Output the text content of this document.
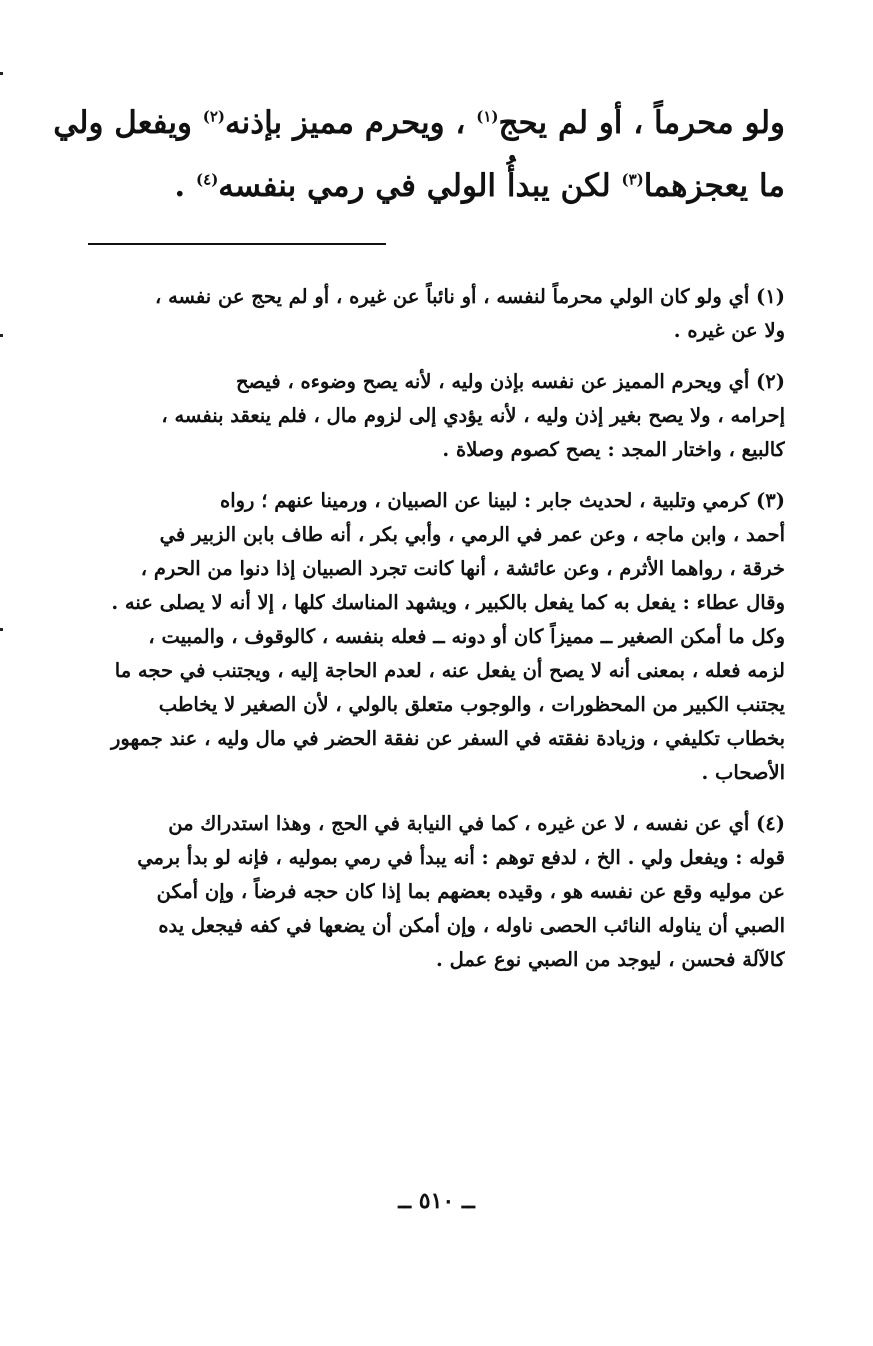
ولو محرماً ، أو لم يحج$^{(١)}$ ، ويحرم مميز بإذنه$^{(٢)}$ ويفعل ولي
ما يعجزهما$^{(٣)}$ لكن يبدأُ الولي في رمي بنفسه$^{(٤)}$ .
(١) أي ولو كان الولي محرماً لنفسه ، أو نائباً عن غيره ، أو لم يحج عن نفسه ،
ولا عن غيره .
(٢) أي ويحرم المميز عن نفسه بإذن وليه ، لأنه يصح وضوءه ، فيصح
إحرامه ، ولا يصح بغير إذن وليه ، لأنه يؤدي إلى لزوم مال ، فلم ينعقد بنفسه ،
كالبيع ، واختار المجد : يصح كصوم وصلاة .
(٣) كرمي وتلبية ، لحديث جابر : لبينا عن الصبيان ، ورمينا عنهم ؛ رواه
أحمد ، وابن ماجه ، وعن عمر في الرمي ، وأبي بكر ، أنه طاف بابن الزبير في
خرقة ، رواهما الأثرم ، وعن عائشة ، أنها كانت تجرد الصبيان إذا دنوا من الحرم ،
وقال عطاء : يفعل به كما يفعل بالكبير ، ويشهد المناسك كلها ، إلا أنه لا يصلى عنه .
وكل ما أمكن الصغير ــ مميزاً كان أو دونه ــ فعله بنفسه ، كالوقوف ، والمبيت ،
لزمه فعله ، بمعنى أنه لا يصح أن يفعل عنه ، لعدم الحاجة إليه ، ويجتنب في حجه ما
يجتنب الكبير من المحظورات ، والوجوب متعلق بالولي ، لأن الصغير لا يخاطب
بخطاب تكليفي ، وزيادة نفقته في السفر عن نفقة الحضر في مال وليه ، عند جمهور
الأصحاب .
(٤) أي عن نفسه ، لا عن غيره ، كما في النيابة في الحج ، وهذا استدراك من
قوله : ويفعل ولي . الخ ، لدفع توهم : أنه يبدأ في رمي بموليه ، فإنه لو بدأ برمي
عن موليه وقع عن نفسه هو ، وقيده بعضهم بما إذا كان حجه فرضاً ، وإن أمكن
الصبي أن يناوله النائب الحصى ناوله ، وإن أمكن أن يضعها في كفه فيجعل يده
كالآلة فحسن ، ليوجد من الصبي نوع عمل .
ــ ٥١٠ ــ
